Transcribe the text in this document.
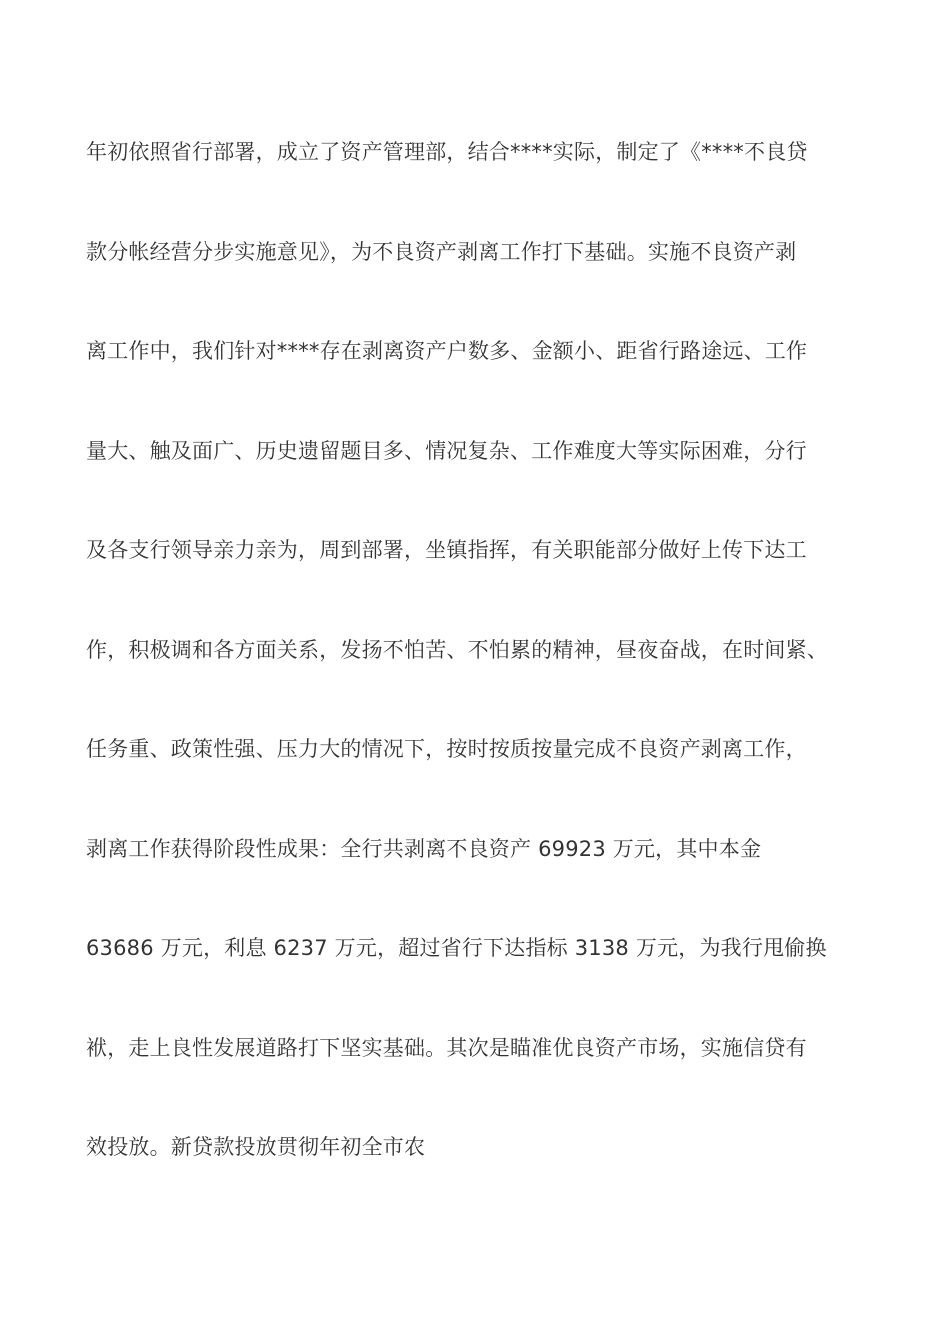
年初依照省行部署，成立了资产管理部，结合****实际，制定了《****不良贷
款分帐经营分步实施意见》，为不良资产剥离工作打下基础。实施不良资产剥
离工作中，我们针对****存在剥离资产户数多、金额小、距省行路途远、工作
量大、触及面广、历史遗留题目多、情况复杂、工作难度大等实际困难，分行
及各支行领导亲力亲为，周到部署，坐镇指挥，有关职能部分做好上传下达工
作，积极调和各方面关系，发扬不怕苦、不怕累的精神，昼夜奋战，在时间紧、
任务重、政策性强、压力大的情况下，按时按质按量完成不良资产剥离工作，
剥离工作获得阶段性成果：全行共剥离不良资产 69923 万元，其中本金
63686 万元，利息 6237 万元，超过省行下达指标 3138 万元，为我行甩偷换
袱，走上良性发展道路打下坚实基础。其次是瞄准优良资产市场，实施信贷有
效投放。新贷款投放贯彻年初全市农
